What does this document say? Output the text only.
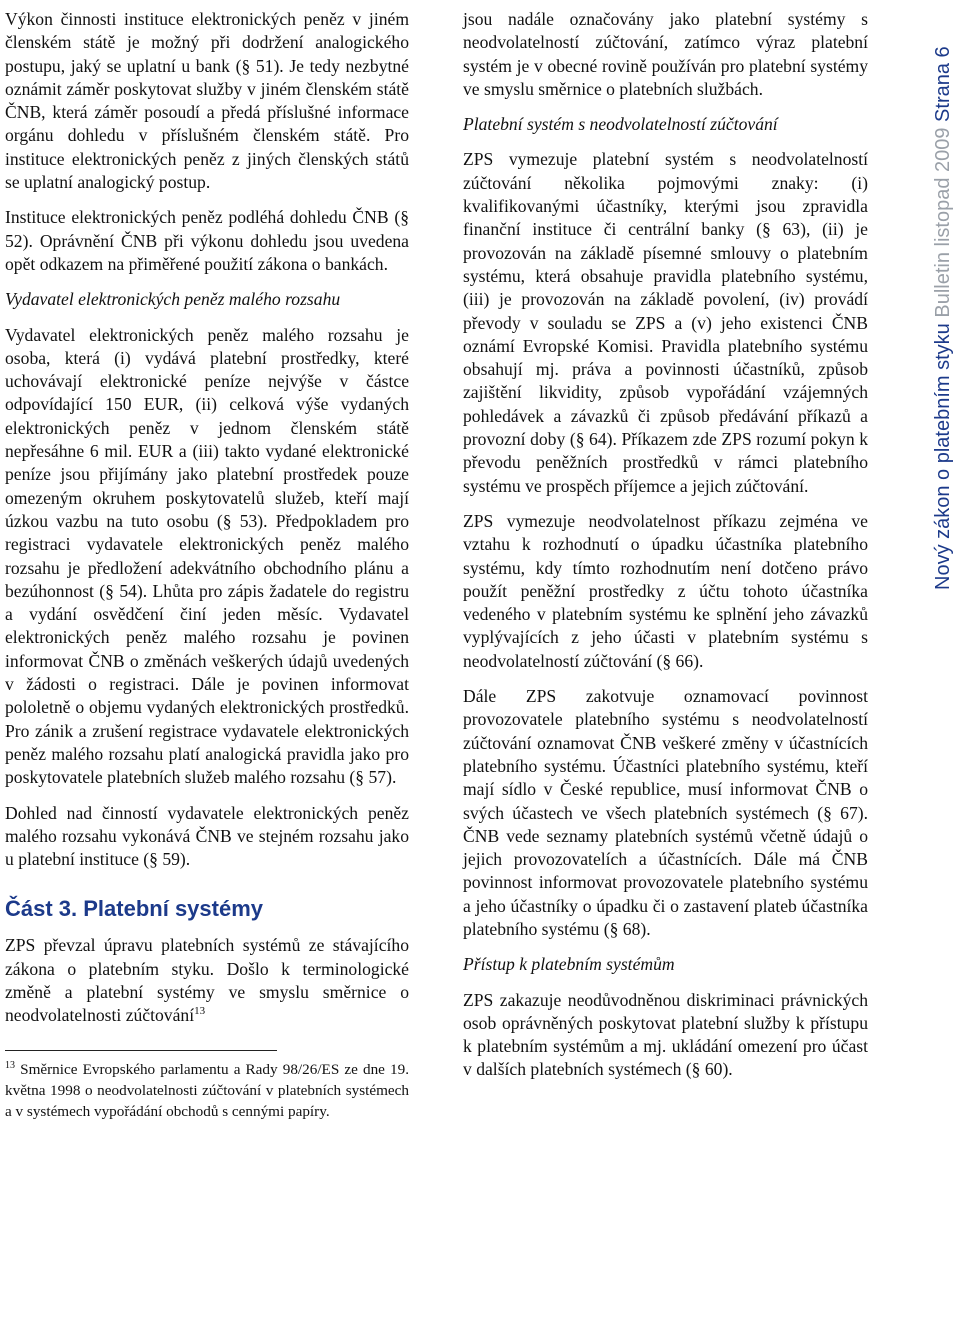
Výkon činnosti instituce elektronických peněz v jiném členském státě je možný při dodržení analogického postupu, jaký se uplatní u bank (§ 51). Je tedy nezbytné oznámit záměr poskytovat služby v jiném členském státě ČNB, která záměr posoudí a předá příslušné informace orgánu dohledu v příslušném členském státě. Pro instituce elektronických peněz z jiných členských států se uplatní analogický postup.

Instituce elektronických peněz podléhá dohledu ČNB (§ 52). Oprávnění ČNB při výkonu dohledu jsou uvedena opět odkazem na přiměřené použití zákona o bankách.

Vydavatel elektronických peněz malého rozsahu

Vydavatel elektronických peněz malého rozsahu je osoba, která (i) vydává platební prostředky, které uchovávají elektronické peníze nejvýše v částce odpovídající 150 EUR, (ii) celková výše vydaných elektronických peněz v jednom členském státě nepřesáhne 6 mil. EUR a (iii) takto vydané elektronické peníze jsou přijímány jako platební prostředek pouze omezeným okruhem poskytovatelů služeb, kteří mají úzkou vazbu na tuto osobu (§ 53). Předpokladem pro registraci vydavatele elektronických peněz malého rozsahu je předložení adekvátního obchodního plánu a bezúhonnost (§ 54). Lhůta pro zápis žadatele do registru a vydání osvědčení činí jeden měsíc. Vydavatel elektronických peněz malého rozsahu je povinen informovat ČNB o změnách veškerých údajů uvedených v žádosti o registraci. Dále je povinen informovat pololetně o objemu vydaných elektronických prostředků. Pro zánik a zrušení registrace vydavatele elektronických peněz malého rozsahu platí analogická pravidla jako pro poskytovatele platebních služeb malého rozsahu (§ 57).

Dohled nad činností vydavatele elektronických peněz malého rozsahu vykonává ČNB ve stejném rozsahu jako u platební instituce (§ 59).

Část 3. Platební systémy

ZPS převzal úpravu platebních systémů ze stávajícího zákona o platebním styku. Došlo k terminologické změně a platební systémy ve smyslu směrnice o neodvolatelnosti zúčtování$^{13}$

$^{13}$ Směrnice Evropského parlamentu a Rady 98/26/ES ze dne 19. května 1998 o neodvolatelnosti zúčtování v platebních systémech a v systémech vypořádání obchodů s cennými papíry.

jsou nadále označovány jako platební systémy s neodvolatelností zúčtování, zatímco výraz platební systém je v obecné rovině používán pro platební systémy ve smyslu směrnice o platebních službách.

Platební systém s neodvolatelností zúčtování

ZPS vymezuje platební systém s neodvolatelností zúčtování několika pojmovými znaky: (i) kvalifikovanými účastníky, kterými jsou zpravidla finanční instituce či centrální banky (§ 63), (ii) je provozován na základě písemné smlouvy o platebním systému, která obsahuje pravidla platebního systému, (iii) je provozován na základě povolení, (iv) provádí převody v souladu se ZPS a (v) jeho existenci ČNB oznámí Evropské Komisi. Pravidla platebního systému obsahují mj. práva a povinnosti účastníků, způsob zajištění likvidity, způsob vypořádání vzájemných pohledávek a závazků či způsob předávání příkazů a provozní doby (§ 64). Příkazem zde ZPS rozumí pokyn k převodu peněžních prostředků v rámci platebního systému ve prospěch příjemce a jejich zúčtování.

ZPS vymezuje neodvolatelnost příkazu zejména ve vztahu k rozhodnutí o úpadku účastníka platebního systému, kdy tímto rozhodnutím není dotčeno právo použít peněžní prostředky z účtu tohoto účastníka vedeného v platebním systému ke splnění jeho závazků vyplývajících z jeho účasti v platebním systému s neodvolatelností zúčtování (§ 66).

Dále ZPS zakotvuje oznamovací povinnost provozovatele platebního systému s neodvolatelností zúčtování oznamovat ČNB veškeré změny v účastnících platebního systému. Účastníci platebního systému, kteří mají sídlo v České republice, musí informovat ČNB o svých účastech ve všech platebních systémech (§ 67). ČNB vede seznamy platebních systémů včetně údajů o jejich provozovatelích a účastnících. Dále má ČNB povinnost informovat provozovatele platebního systému a jeho účastníky o úpadku či o zastavení plateb účastníka platebního systému (§ 68).

Přístup k platebním systémům

ZPS zakazuje neodůvodněnou diskriminaci právnických osob oprávněných poskytovat platební služby k přístupu k platebním systémům a mj. ukládání omezení pro účast v dalších platebních systémech (§ 60).

Nový zákon o platebním styku Bulletin listopad 2009 Strana 6
